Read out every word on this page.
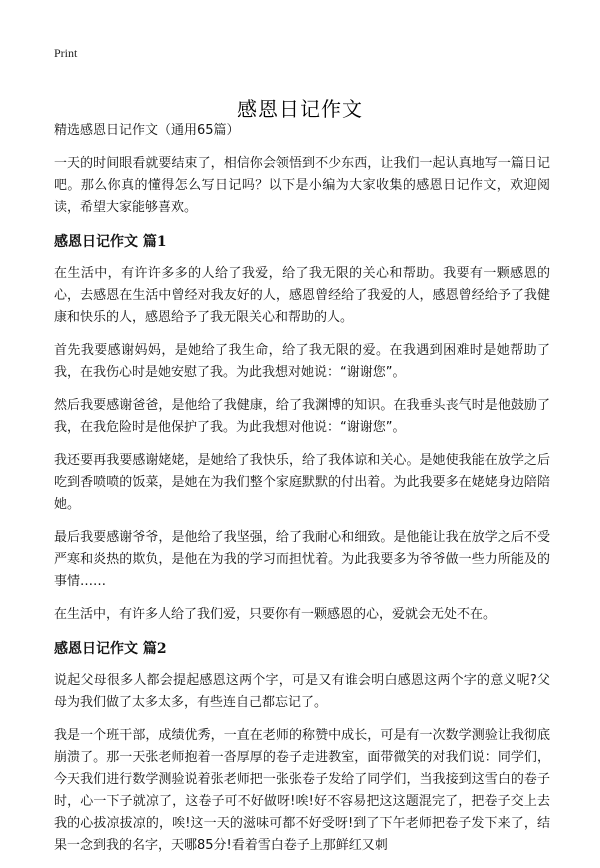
Print
感恩日记作文

精选感恩日记作文（通用65篇）

一天的时间眼看就要结束了，相信你会领悟到不少东西，让我们一起认真地写一篇日记吧。那么你真的懂得怎么写日记吗？以下是小编为大家收集的感恩日记作文，欢迎阅读，希望大家能够喜欢。

感恩日记作文 篇1

在生活中，有许许多多的人给了我爱，给了我无限的关心和帮助。我要有一颗感恩的心，去感恩在生活中曾经对我友好的人，感恩曾经给了我爱的人，感恩曾经给予了我健康和快乐的人，感恩给予了我无限关心和帮助的人。

首先我要感谢妈妈，是她给了我生命，给了我无限的爱。在我遇到困难时是她帮助了我，在我伤心时是她安慰了我。为此我想对她说：“谢谢您”。

然后我要感谢爸爸，是他给了我健康，给了我渊博的知识。在我垂头丧气时是他鼓励了我，在我危险时是他保护了我。为此我想对他说：“谢谢您”。

我还要再我要感谢姥姥，是她给了我快乐，给了我体谅和关心。是她使我能在放学之后吃到香喷喷的饭菜，是她在为我们整个家庭默默的付出着。为此我要多在姥姥身边陪陪她。

最后我要感谢爷爷，是他给了我坚强，给了我耐心和细致。是他能让我在放学之后不受严寒和炎热的欺负，是他在为我的学习而担忧着。为此我要多为爷爷做一些力所能及的事情……

在生活中，有许多人给了我们爱，只要你有一颗感恩的心，爱就会无处不在。

感恩日记作文 篇2

说起父母很多人都会提起感恩这两个字，可是又有谁会明白感恩这两个字的意义呢?父母为我们做了太多太多，有些连自己都忘记了。

我是一个班干部，成绩优秀，一直在老师的称赞中成长，可是有一次数学测验让我彻底崩溃了。那一天张老师抱着一沓厚厚的卷子走进教室，面带微笑的对我们说：同学们，今天我们进行数学测验说着张老师把一张张卷子发给了同学们，当我接到这雪白的卷子时，心一下子就凉了，这卷子可不好做呀!唉!好不容易把这这题混完了，把卷子交上去我的心拔凉拔凉的，唉!这一天的滋味可都不好受呀!到了下午老师把卷子发下来了，结果一念到我的名字，天哪85分!看着雪白卷子上那鲜红又刺
